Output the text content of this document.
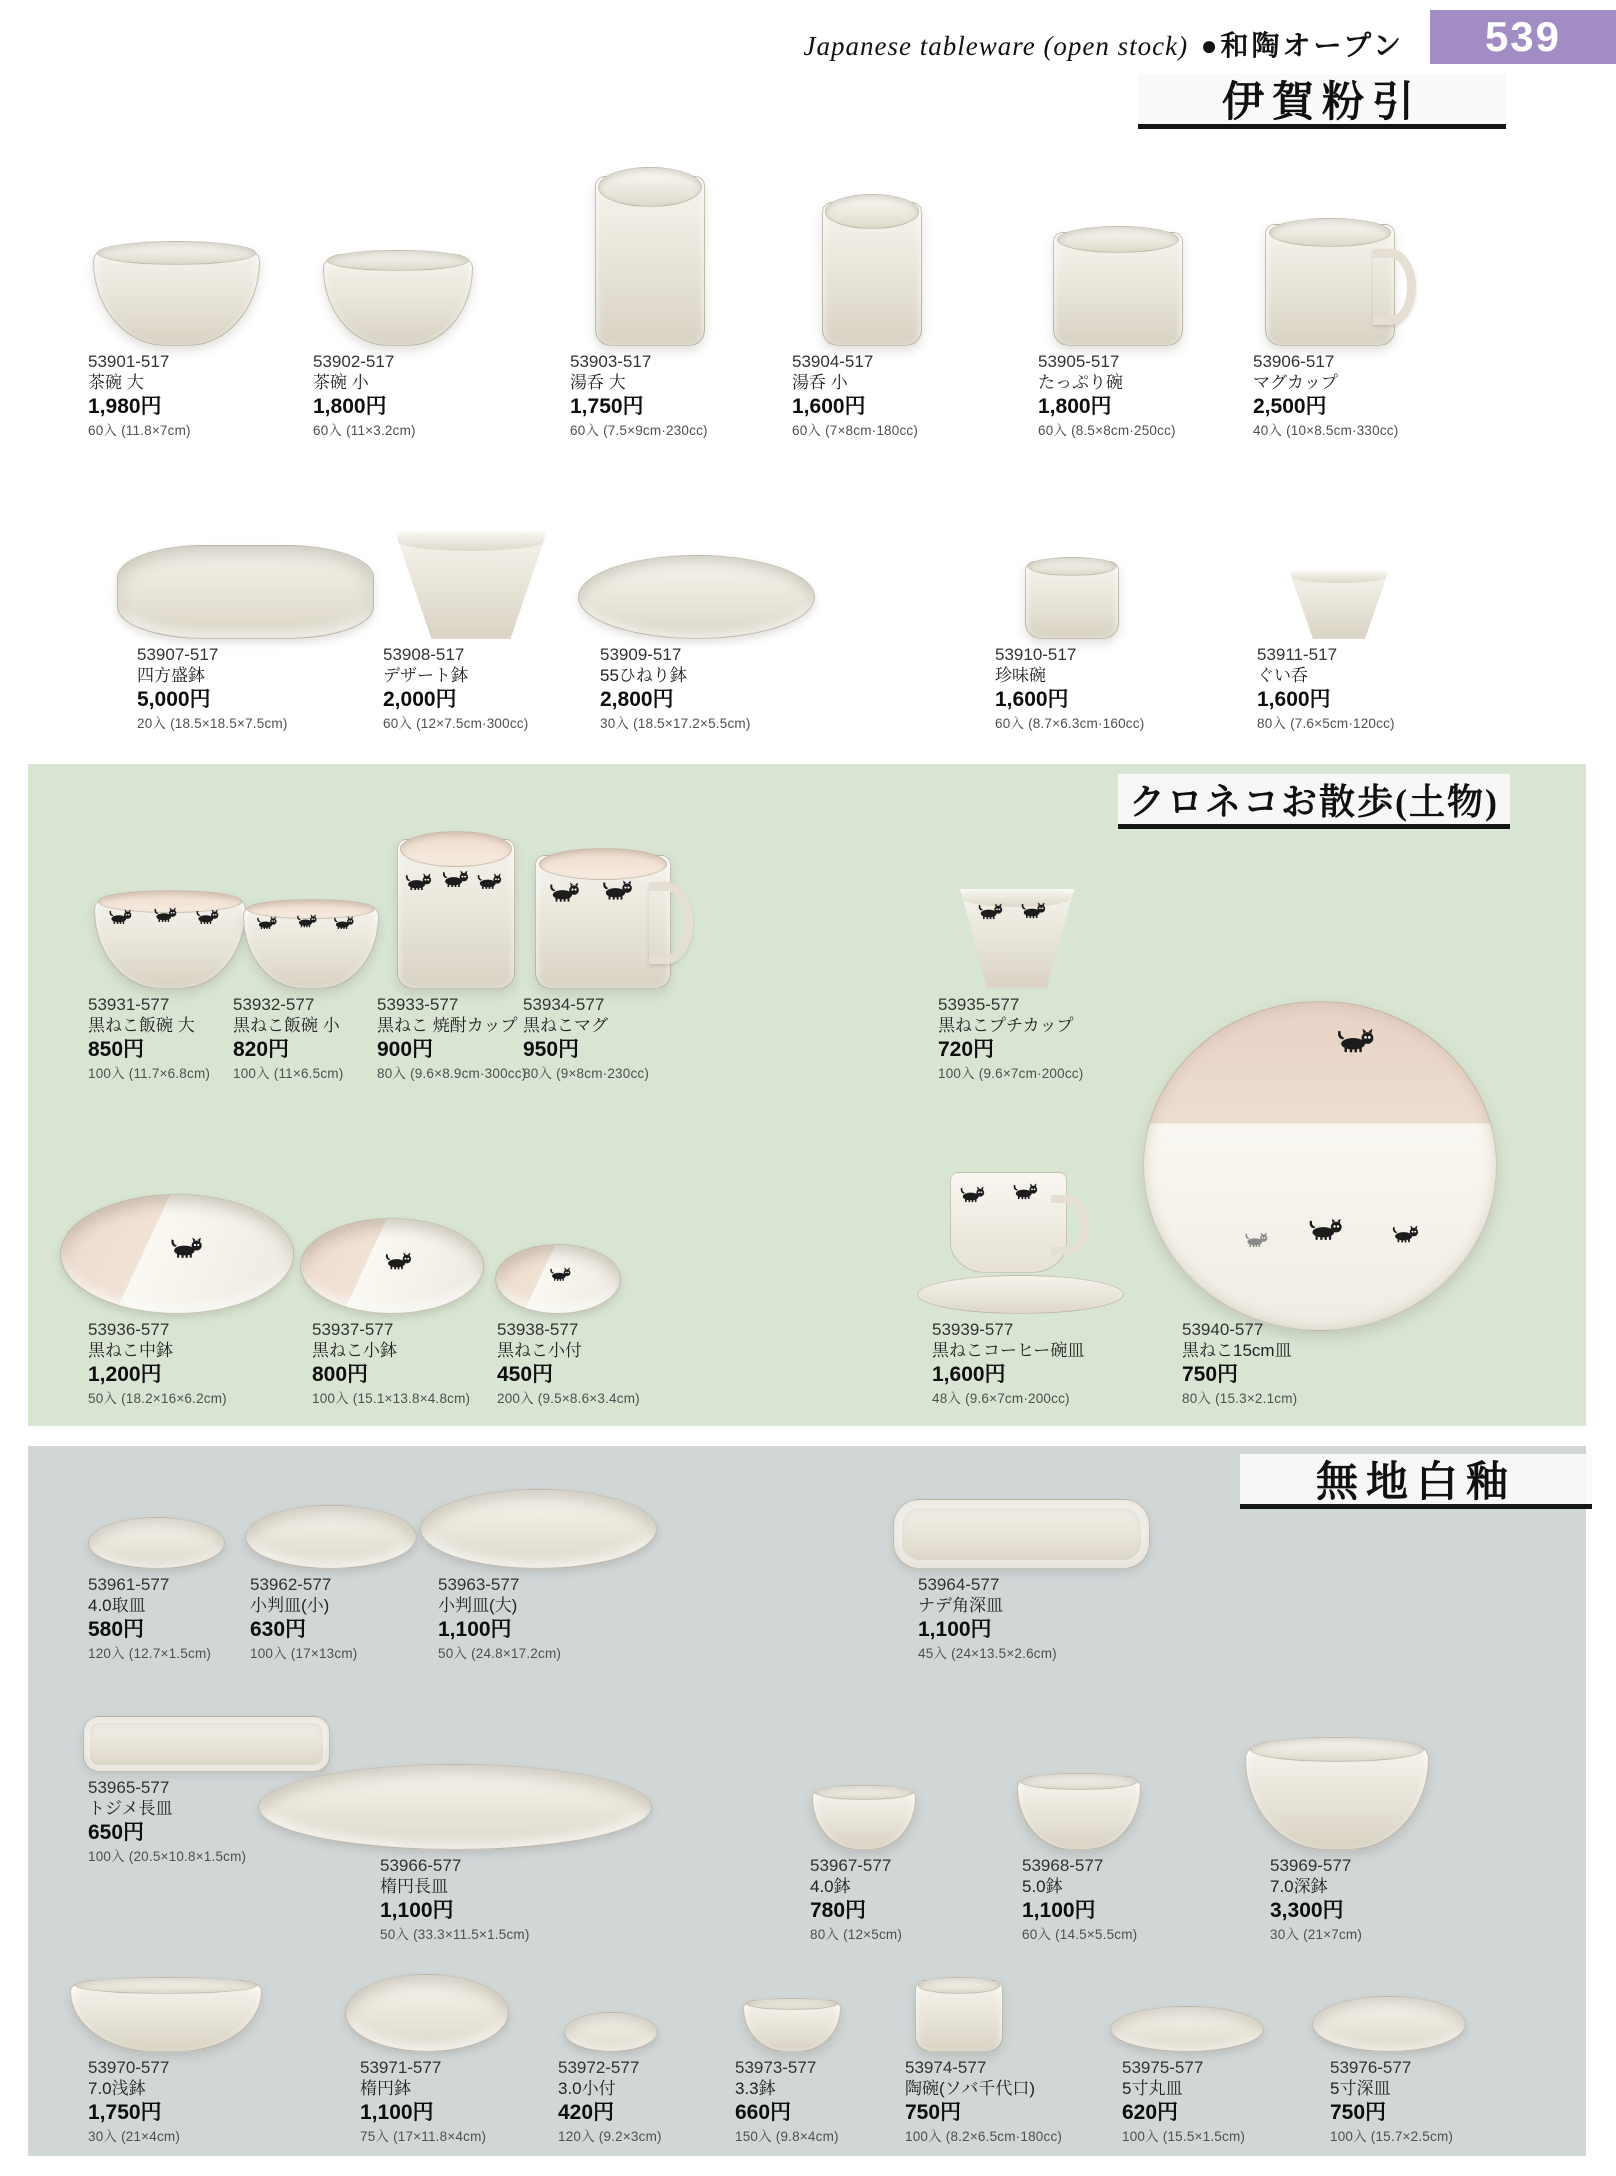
Japanese tableware (open stock) ●和陶オープン	539
伊賀粉引
53901-517
茶碗 大
1,980円
60入 (11.8×7cm)
53902-517
茶碗 小
1,800円
60入 (11×3.2cm)
53903-517
湯呑 大
1,750円
60入 (7.5×9cm·230cc)
53904-517
湯呑 小
1,600円
60入 (7×8cm·180cc)
53905-517
たっぷり碗
1,800円
60入 (8.5×8cm·250cc)
53906-517
マグカップ
2,500円
40入 (10×8.5cm·330cc)
53907-517
四方盛鉢
5,000円
20入 (18.5×18.5×7.5cm)
53908-517
デザート鉢
2,000円
60入 (12×7.5cm·300cc)
53909-517
55ひねり鉢
2,800円
30入 (18.5×17.2×5.5cm)
53910-517
珍味碗
1,600円
60入 (8.7×6.3cm·160cc)
53911-517
ぐい呑
1,600円
80入 (7.6×5cm·120cc)
クロネコお散歩(土物)
53931-577
黒ねこ飯碗 大
850円
100入 (11.7×6.8cm)
53932-577
黒ねこ飯碗 小
820円
100入 (11×6.5cm)
53933-577
黒ねこ 焼酎カップ
900円
80入 (9.6×8.9cm·300cc)
53934-577
黒ねこマグ
950円
80入 (9×8cm·230cc)
53935-577
黒ねこプチカップ
720円
100入 (9.6×7cm·200cc)
53936-577
黒ねこ中鉢
1,200円
50入 (18.2×16×6.2cm)
53937-577
黒ねこ小鉢
800円
100入 (15.1×13.8×4.8cm)
53938-577
黒ねこ小付
450円
200入 (9.5×8.6×3.4cm)
53939-577
黒ねこコーヒー碗皿
1,600円
48入 (9.6×7cm·200cc)
53940-577
黒ねこ15cm皿
750円
80入 (15.3×2.1cm)
無地白釉
53961-577
4.0取皿
580円
120入 (12.7×1.5cm)
53962-577
小判皿(小)
630円
100入 (17×13cm)
53963-577
小判皿(大)
1,100円
50入 (24.8×17.2cm)
53964-577
ナデ角深皿
1,100円
45入 (24×13.5×2.6cm)
53965-577
トジメ長皿
650円
100入 (20.5×10.8×1.5cm)	53966-577
楕円長皿
1,100円
50入 (33.3×11.5×1.5cm)
53967-577
4.0鉢
780円
80入 (12×5cm)
53968-577
5.0鉢
1,100円
60入 (14.5×5.5cm)
53969-577
7.0深鉢
3,300円
30入 (21×7cm)
53970-577
7.0浅鉢
1,750円
30入 (21×4cm)
53971-577
楕円鉢
1,100円
75入 (17×11.8×4cm)
53972-577
3.0小付
420円
120入 (9.2×3cm)
53973-577
3.3鉢
660円
150入 (9.8×4cm)
53974-577
陶碗(ソバ千代口)
750円
100入 (8.2×6.5cm·180cc)
53975-577
5寸丸皿
620円
100入 (15.5×1.5cm)
53976-577
5寸深皿
750円
100入 (15.7×2.5cm)
